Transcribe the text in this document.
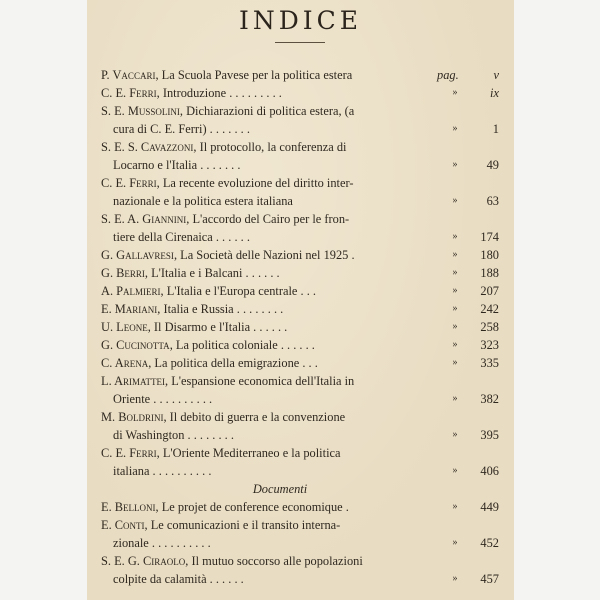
INDICE
P. Vaccari, La Scuola Pavese per la politica estera	pag.	v
C. E. Ferri, Introduzione . . . . . . . . .	»	ix
S. E. Mussolini, Dichiarazioni di politica estera, (a
cura di C. E. Ferri) . . . . . . .	»	1
S. E. S. Cavazzoni, Il protocollo, la conferenza di
Locarno e l'Italia . . . . . . .	» 49
C. E. Ferri, La recente evoluzione del diritto inter-
nazionale e la politica estera italiana	» 63
S. E. A. Giannini, L'accordo del Cairo per le fron-
tiere della Cirenaica . . . . . .	» 174
G. Gallavresi, La Società delle Nazioni nel 1925 .	» 180
G. Berri, L'Italia e i Balcani . . . . . .	» 188
A. Palmieri, L'Italia e l'Europa centrale . . .	» 207
E. Mariani, Italia e Russia . . . . . . . .	» 242
U. Leone, Il Disarmo e l'Italia . . . . . .	» 258
G. Cucinotta, La politica coloniale . . . . . .	» 323
C. Arena, La politica della emigrazione . . .	» 335
L. Arimattei, L'espansione economica dell'Italia in
Oriente . . . . . . . . . .	» 382
M. Boldrini, Il debito di guerra e la convenzione
di Washington . . . . . . . .	» 395
C. E. Ferri, L'Oriente Mediterraneo e la politica
italiana . . . . . . . . . .	» 406
Documenti
E. Belloni, Le projet de conference economique .	» 449
E. Conti, Le comunicazioni e il transito interna-
zionale . . . . . . . . . .	» 452
S. E. G. Ciraolo, Il mutuo soccorso alle popolazioni
colpite da calamità . . . . . .	» 457
